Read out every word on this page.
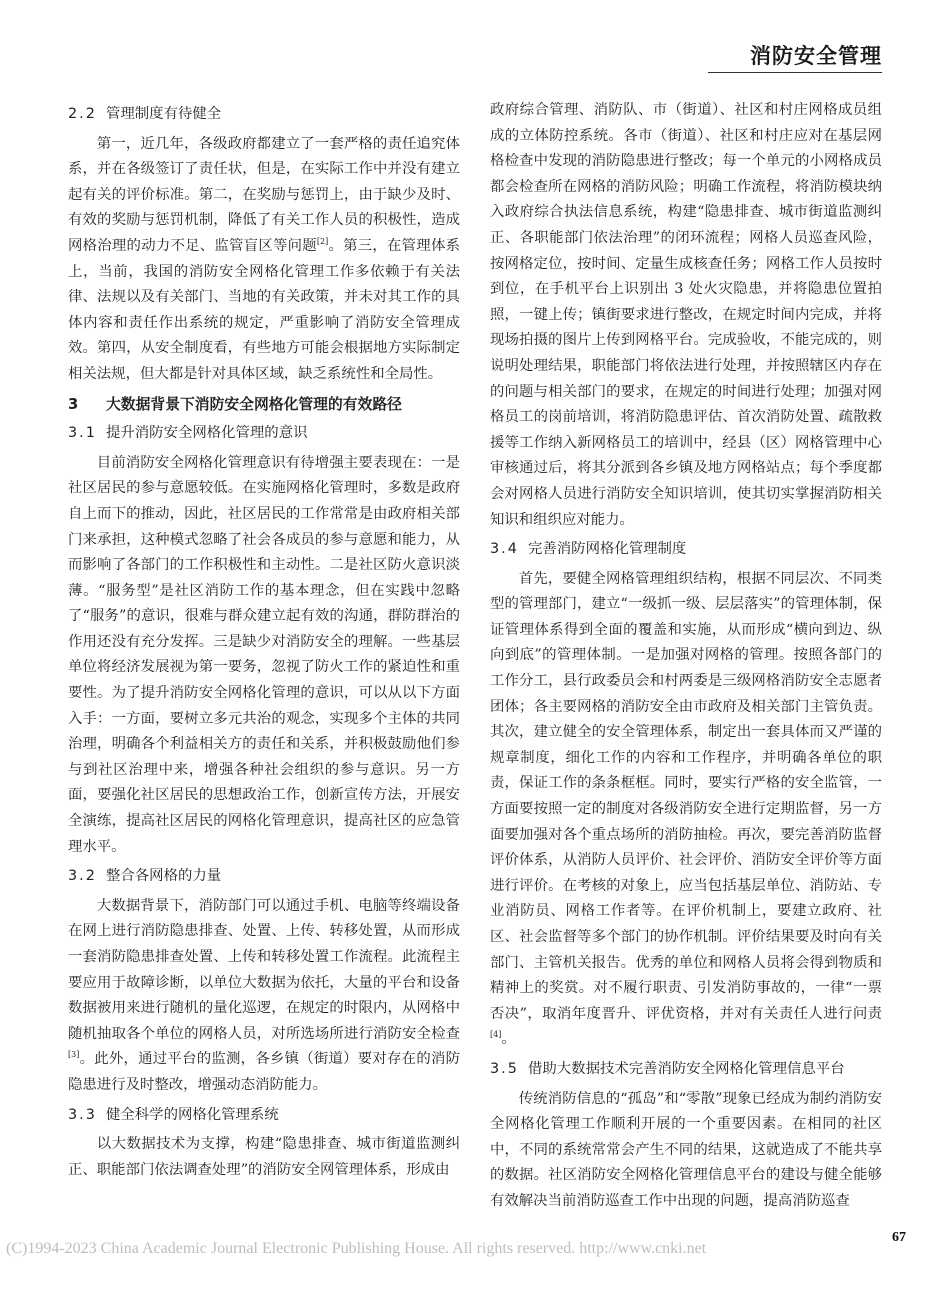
消防安全管理
2.2 管理制度有待健全

第一，近几年，各级政府都建立了一套严格的责任追究体系，并在各级签订了责任状，但是，在实际工作中并没有建立起有关的评价标准。第二，在奖励与惩罚上，由于缺少及时、有效的奖励与惩罚机制，降低了有关工作人员的积极性，造成网格治理的动力不足、监管盲区等问题[2]。第三，在管理体系上，当前，我国的消防安全网格化管理工作多依赖于有关法律、法规以及有关部门、当地的有关政策，并未对其工作的具体内容和责任作出系统的规定，严重影响了消防安全管理成效。第四，从安全制度看，有些地方可能会根据地方实际制定相关法规，但大都是针对具体区域，缺乏系统性和全局性。

3 大数据背景下消防安全网格化管理的有效路径
3.1 提升消防安全网格化管理的意识

目前消防安全网格化管理意识有待增强主要表现在：一是社区居民的参与意愿较低。在实施网格化管理时，多数是政府自上而下的推动，因此，社区居民的工作常常是由政府相关部门来承担，这种模式忽略了社会各成员的参与意愿和能力，从而影响了各部门的工作积极性和主动性。二是社区防火意识淡薄。“服务型”是社区消防工作的基本理念，但在实践中忽略了“服务”的意识，很难与群众建立起有效的沟通，群防群治的作用还没有充分发挥。三是缺少对消防安全的理解。一些基层单位将经济发展视为第一要务，忽视了防火工作的紧迫性和重要性。为了提升消防安全网格化管理的意识，可以从以下方面入手：一方面，要树立多元共治的观念，实现多个主体的共同治理，明确各个利益相关方的责任和关系，并积极鼓励他们参与到社区治理中来，增强各种社会组织的参与意识。另一方面，要强化社区居民的思想政治工作，创新宣传方法，开展安全演练，提高社区居民的网格化管理意识，提高社区的应急管理水平。

3.2 整合各网格的力量

大数据背景下，消防部门可以通过手机、电脑等终端设备在网上进行消防隐患排查、处置、上传、转移处置，从而形成一套消防隐患排查处置、上传和转移处置工作流程。此流程主要应用于故障诊断，以单位大数据为依托，大量的平台和设备数据被用来进行随机的量化巡逻，在规定的时限内，从网格中随机抽取各个单位的网格人员，对所选场所进行消防安全检查[3]。此外，通过平台的监测，各乡镇（街道）要对存在的消防隐患进行及时整改，增强动态消防能力。

3.3 健全科学的网格化管理系统

以大数据技术为支撑，构建“隐患排查、城市街道监测纠正、职能部门依法调查处理”的消防安全网管理体系，形成由

政府综合管理、消防队、市（街道）、社区和村庄网格成员组成的立体防控系统。各市（街道）、社区和村庄应对在基层网格检查中发现的消防隐患进行整改；每一个单元的小网格成员都会检查所在网格的消防风险；明确工作流程，将消防模块纳入政府综合执法信息系统，构建“隐患排查、城市街道监测纠正、各职能部门依法治理”的闭环流程；网格人员巡查风险，按网格定位，按时间、定量生成核查任务；网格工作人员按时到位，在手机平台上识别出 3 处火灾隐患，并将隐患位置拍照，一键上传；镇街要求进行整改，在规定时间内完成，并将现场拍摄的图片上传到网格平台。完成验收，不能完成的，则说明处理结果，职能部门将依法进行处理，并按照辖区内存在的问题与相关部门的要求，在规定的时间进行处理；加强对网格员工的岗前培训，将消防隐患评估、首次消防处置、疏散救援等工作纳入新网格员工的培训中，经县（区）网格管理中心审核通过后，将其分派到各乡镇及地方网格站点；每个季度都会对网格人员进行消防安全知识培训，使其切实掌握消防相关知识和组织应对能力。

3.4 完善消防网格化管理制度

首先，要健全网格管理组织结构，根据不同层次、不同类型的管理部门，建立“一级抓一级、层层落实”的管理体制，保证管理体系得到全面的覆盖和实施，从而形成“横向到边、纵向到底”的管理体制。一是加强对网格的管理。按照各部门的工作分工，县行政委员会和村两委是三级网格消防安全志愿者团体；各主要网格的消防安全由市政府及相关部门主管负责。其次，建立健全的安全管理体系，制定出一套具体而又严谨的规章制度，细化工作的内容和工作程序，并明确各单位的职责，保证工作的条条框框。同时，要实行严格的安全监管，一方面要按照一定的制度对各级消防安全进行定期监督，另一方面要加强对各个重点场所的消防抽检。再次，要完善消防监督评价体系，从消防人员评价、社会评价、消防安全评价等方面进行评价。在考核的对象上，应当包括基层单位、消防站、专业消防员、网格工作者等。在评价机制上，要建立政府、社区、社会监督等多个部门的协作机制。评价结果要及时向有关部门、主管机关报告。优秀的单位和网格人员将会得到物质和精神上的奖赏。对不履行职责、引发消防事故的，一律“一票否决”，取消年度晋升、评优资格，并对有关责任人进行问责[4]。

3.5 借助大数据技术完善消防安全网格化管理信息平台

传统消防信息的“孤岛”和“零散”现象已经成为制约消防安全网格化管理工作顺利开展的一个重要因素。在相同的社区中，不同的系统常常会产生不同的结果，这就造成了不能共享的数据。社区消防安全网格化管理信息平台的建设与健全能够有效解决当前消防巡查工作中出现的问题，提高消防巡查

(C)1994-2023 China Academic Journal Electronic Publishing House. All rights reserved. http://www.cnki.net
67
